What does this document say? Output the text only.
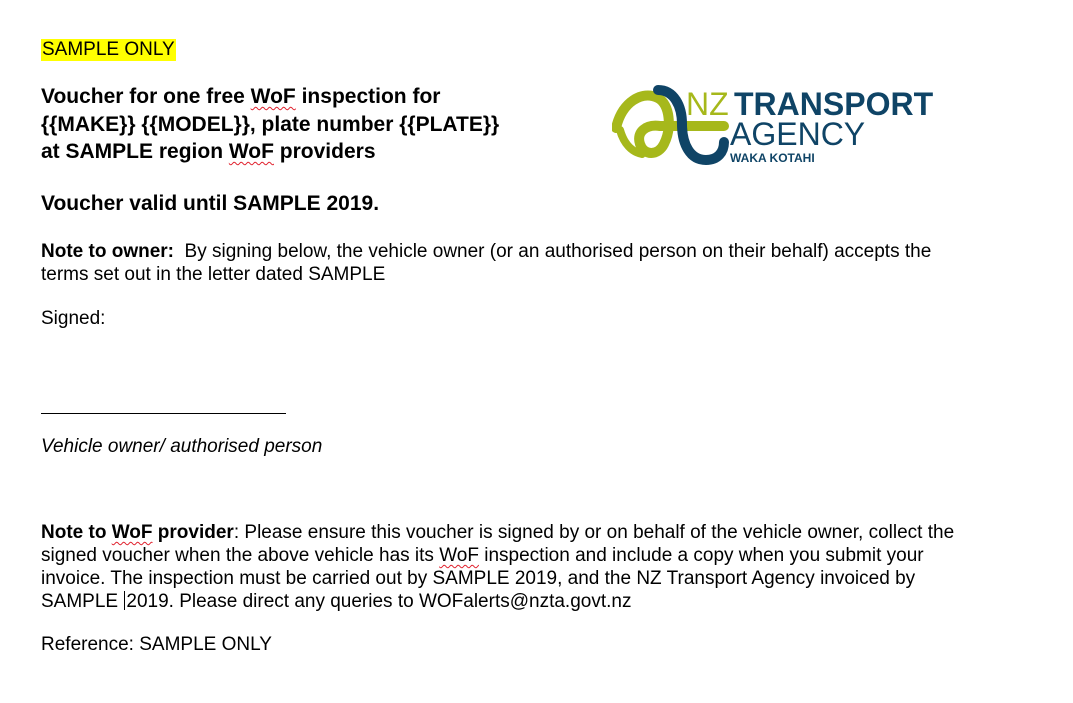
SAMPLE ONLY
Voucher for one free WoF inspection for
{{MAKE}} {{MODEL}}, plate number {{PLATE}}
at SAMPLE region WoF providers
NZ TRANSPORT
AGENCY
WAKA KOTAHI
Voucher valid until SAMPLE 2019.
Note to owner:  By signing below, the vehicle owner (or an authorised person on their behalf) accepts the
terms set out in the letter dated SAMPLE
Signed:
Vehicle owner/ authorised person
Note to WoF provider: Please ensure this voucher is signed by or on behalf of the vehicle owner, collect the
signed voucher when the above vehicle has its WoF inspection and include a copy when you submit your
invoice. The inspection must be carried out by SAMPLE 2019, and the NZ Transport Agency invoiced by
SAMPLE 2019. Please direct any queries to WOFalerts@nzta.govt.nz
Reference: SAMPLE ONLY
